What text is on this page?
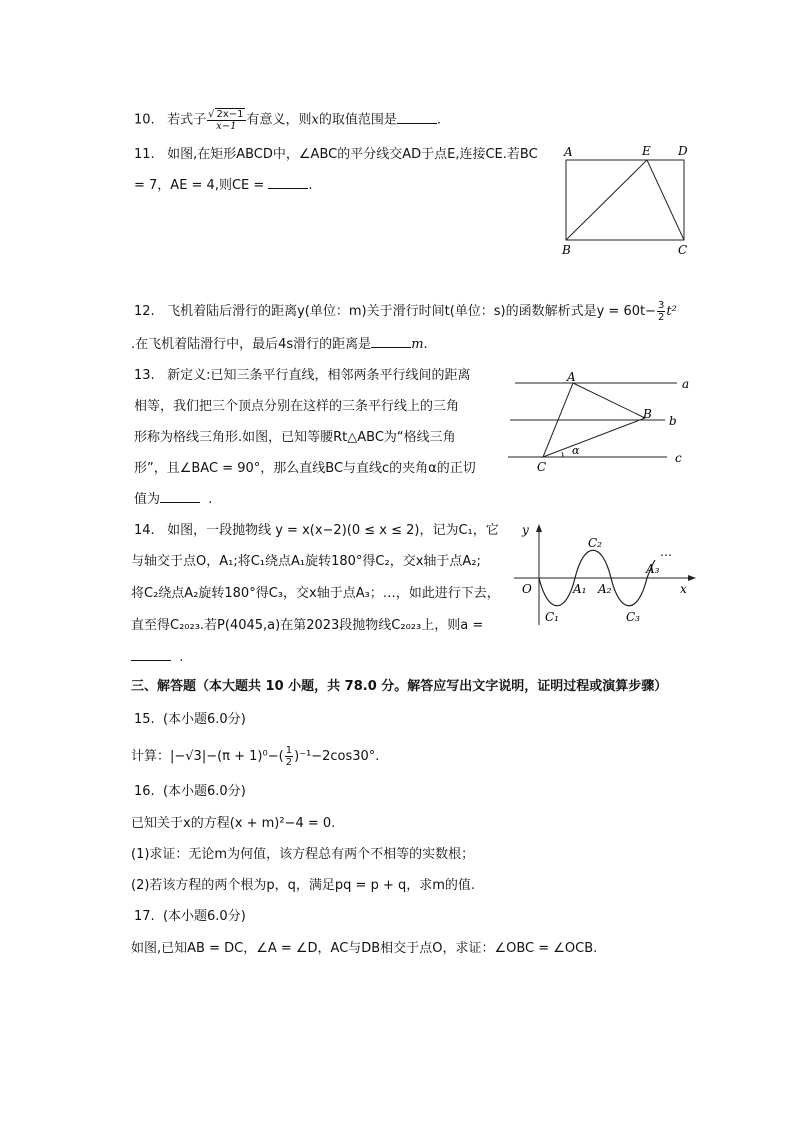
10. 若式子 $\frac{√ 2x-1}{x-1}$ 有意义，则x的取值范围是	.
11. 如图,在矩形ABCD中，∠ABC的平分线交AD于点E,连接CE.若BC
= 7，AE = 4,则CE =	.
A	E D
B	C
12. 飞机着陆后滑行的距离y(单位：m)关于滑行时间t(单位：s)的函数解析式是$y = 60t- \frac{3}{2} t^2$
.在飞机着陆滑行中，最后4s滑行的距离是	m.
13. 新定义:已知三条平行直线，相邻两条平行线间的距离
相等，我们把三个顶点分别在这样的三条平行线上的三角
形称为格线三角形.如图，已知等腰Rt△ABC为“格线三角
形”，且∠BAC = 90°，那么直线BC与直线c的夹角α的正切
值为	.
A
B
C
α
a
b
c
14. 如图，一段抛物线 y = x(x−2)(0 ≤ x ≤ 2)，记为C₁，它
与轴交于点O，A₁;将C₁绕点A₁旋转180°得C₂，交x轴于点A₂;
将C₂绕点A₂旋转180°得C₃，交x轴于点A₃；…，如此进行下去，
直至得C₂₀₂₃.若P(4045,a)在第2023段抛物线C₂₀₂₃上，则a =
.
y
x
O	A₁ A₂
A₃
C₁
C₂
C₃
…
三、解答题（本大题共 10 小题，共 78.0 分。解答应写出文字说明，证明过程或演算步骤）
15. (本小题6.0分)
计算：$|-√3|-(\pi + 1)^0-( \frac{1}{2} )^{-1}-2\cos 30^\circ$.
16. (本小题6.0分)
已知关于x的方程(x + m)²−4 = 0.
(1)求证：无论m为何值，该方程总有两个不相等的实数根；
(2)若该方程的两个根为p，q，满足pq = p + q，求m的值.
17. (本小题6.0分)
如图,已知AB = DC，∠A = ∠D，AC与DB相交于点O，求证：∠OBC = ∠OCB.
